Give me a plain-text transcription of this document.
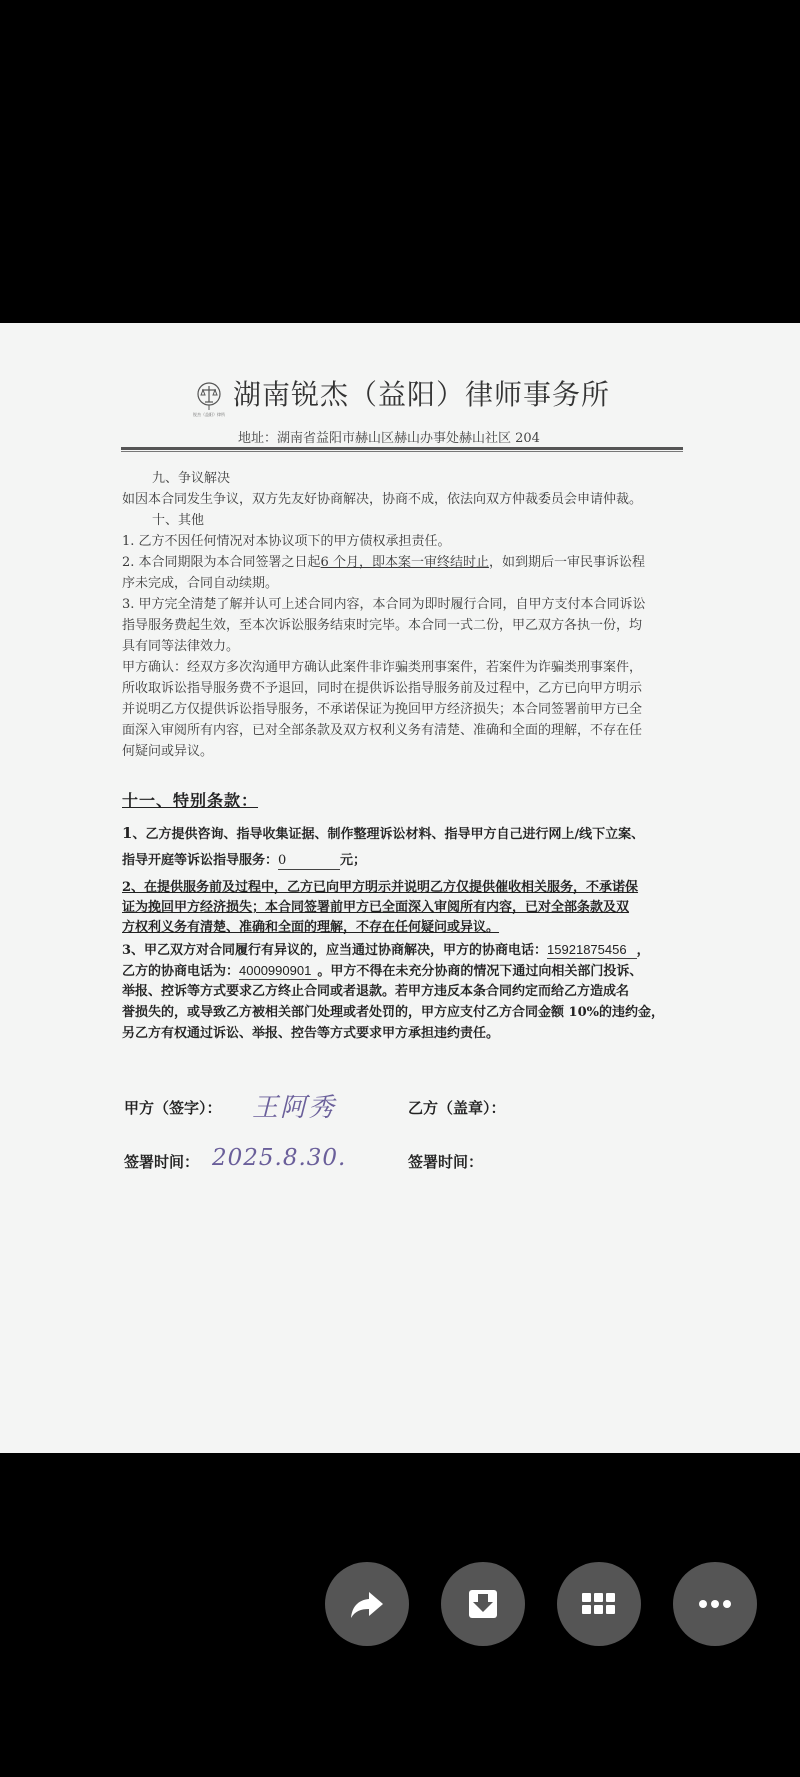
锐杰（益阳）律所
湖南锐杰（益阳）律师事务所
地址：湖南省益阳市赫山区赫山办事处赫山社区 204
九、争议解决
如因本合同发生争议，双方先友好协商解决，协商不成，依法向双方仲裁委员会申请仲裁。
十、其他
1. 乙方不因任何情况对本协议项下的甲方债权承担责任。
2. 本合同期限为本合同签署之日起6 个月，即本案一审终结时止，如到期后一审民事诉讼程
序未完成，合同自动续期。
3. 甲方完全清楚了解并认可上述合同内容，本合同为即时履行合同，自甲方支付本合同诉讼
指导服务费起生效，至本次诉讼服务结束时完毕。本合同一式二份，甲乙双方各执一份，均
具有同等法律效力。
甲方确认：经双方多次沟通甲方确认此案件非诈骗类刑事案件，若案件为诈骗类刑事案件，
所收取诉讼指导服务费不予退回，同时在提供诉讼指导服务前及过程中，乙方已向甲方明示
并说明乙方仅提供诉讼指导服务，不承诺保证为挽回甲方经济损失；本合同签署前甲方已全
面深入审阅所有内容，已对全部条款及双方权利义务有清楚、准确和全面的理解，不存在任
何疑问或异议。
十一、特别条款：
1、乙方提供咨询、指导收集证据、制作整理诉讼材料、指导甲方自己进行网上/线下立案、
指导开庭等诉讼指导服务：0	元；
2、在提供服务前及过程中，乙方已向甲方明示并说明乙方仅提供催收相关服务，不承诺保
证为挽回甲方经济损失；本合同签署前甲方已全面深入审阅所有内容，已对全部条款及双
方权利义务有清楚、准确和全面的理解，不存在任何疑问或异议。
3、甲乙双方对合同履行有异议的，应当通过协商解决，甲方的协商电话：15921875456 ，
乙方的协商电话为：4000990901 。甲方不得在未充分协商的情况下通过向相关部门投诉、
举报、控诉等方式要求乙方终止合同或者退款。若甲方违反本条合同约定而给乙方造成名
誉损失的，或导致乙方被相关部门处理或者处罚的，甲方应支付乙方合同金额 10%的违约金，
另乙方有权通过诉讼、举报、控告等方式要求甲方承担违约责任。
甲方（签字）： 王阿秀	乙方（盖章）：
签署时间： 2025.8.30.	签署时间：
